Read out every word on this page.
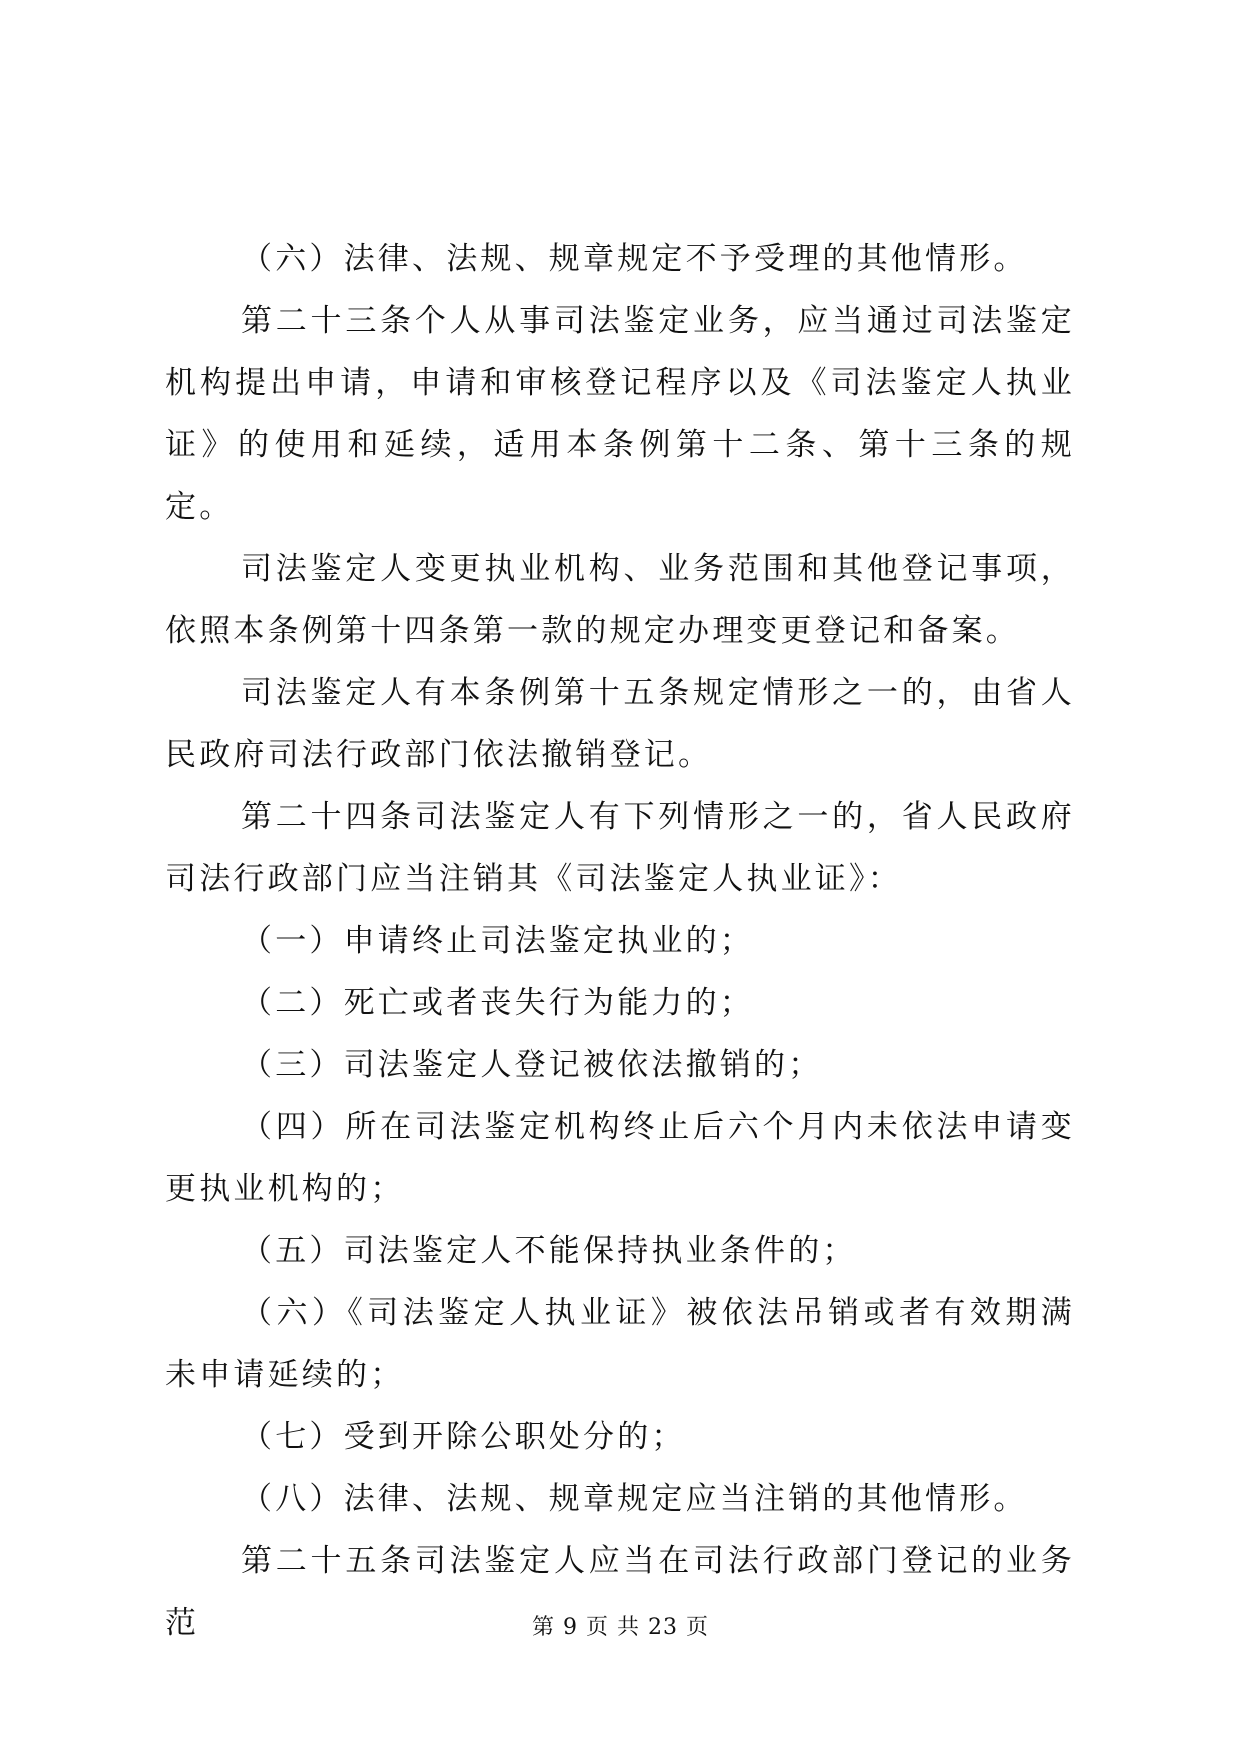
（六）法律、法规、规章规定不予受理的其他情形。

第二十三条个人从事司法鉴定业务，应当通过司法鉴定机构提出申请，申请和审核登记程序以及《司法鉴定人执业证》的使用和延续，适用本条例第十二条、第十三条的规定。

司法鉴定人变更执业机构、业务范围和其他登记事项，依照本条例第十四条第一款的规定办理变更登记和备案。

司法鉴定人有本条例第十五条规定情形之一的，由省人民政府司法行政部门依法撤销登记。

第二十四条司法鉴定人有下列情形之一的，省人民政府司法行政部门应当注销其《司法鉴定人执业证》：

（一）申请终止司法鉴定执业的；

（二）死亡或者丧失行为能力的；

（三）司法鉴定人登记被依法撤销的；

（四）所在司法鉴定机构终止后六个月内未依法申请变更执业机构的；

（五）司法鉴定人不能保持执业条件的；

（六）《司法鉴定人执业证》被依法吊销或者有效期满未申请延续的；

（七）受到开除公职处分的；

（八）法律、法规、规章规定应当注销的其他情形。

第二十五条司法鉴定人应当在司法行政部门登记的业务范	第 9 页 共 23 页
